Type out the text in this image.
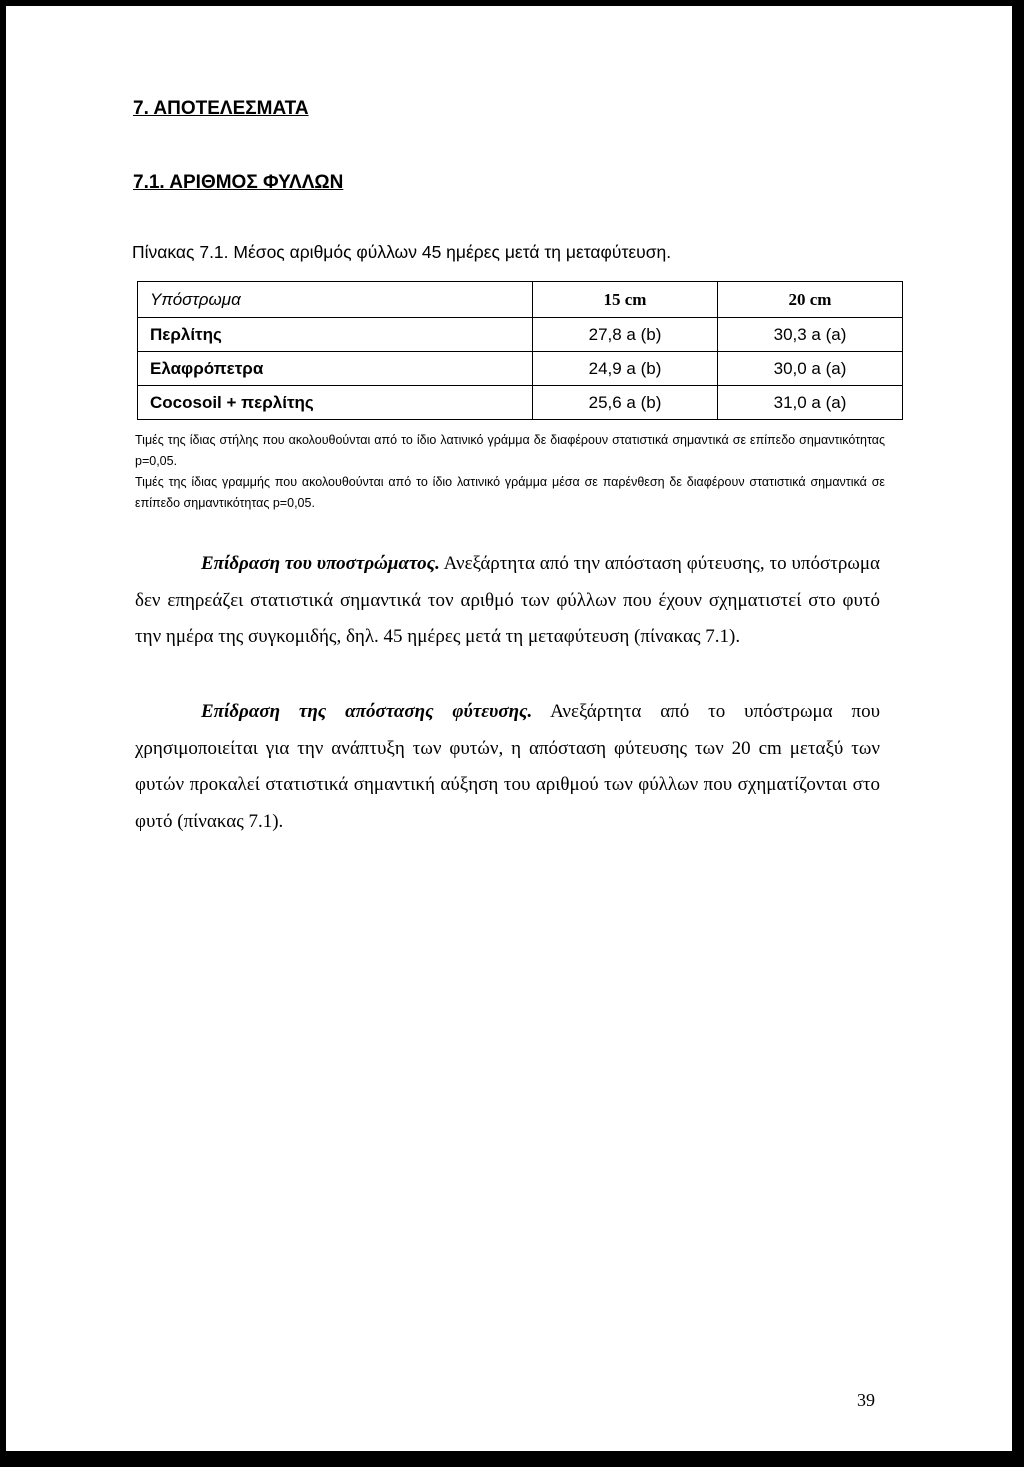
7. ΑΠΟΤΕΛΕΣΜΑΤΑ
7.1. ΑΡΙΘΜΟΣ ΦΥΛΛΩΝ
Πίνακας 7.1. Μέσος αριθμός φύλλων 45 ημέρες μετά τη μεταφύτευση.
Υπόστρωμα	15 cm	20 cm
Περλίτης	27,8 a (b)	30,3 a (a)
Ελαφρόπετρα	24,9 a (b)	30,0 a (a)
Cocosoil + περλίτης	25,6 a (b)	31,0 a (a)
Τιμές της ίδιας στήλης που ακολουθούνται από το ίδιο λατινικό γράμμα δε διαφέρουν στατιστικά σημαντικά σε επίπεδο σημαντικότητας p=0,05.
Τιμές της ίδιας γραμμής που ακολουθούνται από το ίδιο λατινικό γράμμα μέσα σε παρένθεση δε διαφέρουν στατιστικά σημαντικά σε επίπεδο σημαντικότητας p=0,05.
Επίδραση του υποστρώματος. Ανεξάρτητα από την απόσταση φύτευσης, το υπόστρωμα δεν επηρεάζει στατιστικά σημαντικά τον αριθμό των φύλλων που έχουν σχηματιστεί στο φυτό την ημέρα της συγκομιδής, δηλ. 45 ημέρες μετά τη μεταφύτευση (πίνακας 7.1).
Επίδραση της απόστασης φύτευσης. Ανεξάρτητα από το υπόστρωμα που χρησιμοποιείται για την ανάπτυξη των φυτών, η απόσταση φύτευσης των 20 cm μεταξύ των φυτών προκαλεί στατιστικά σημαντική αύξηση του αριθμού των φύλλων που σχηματίζονται στο φυτό (πίνακας 7.1).
39
